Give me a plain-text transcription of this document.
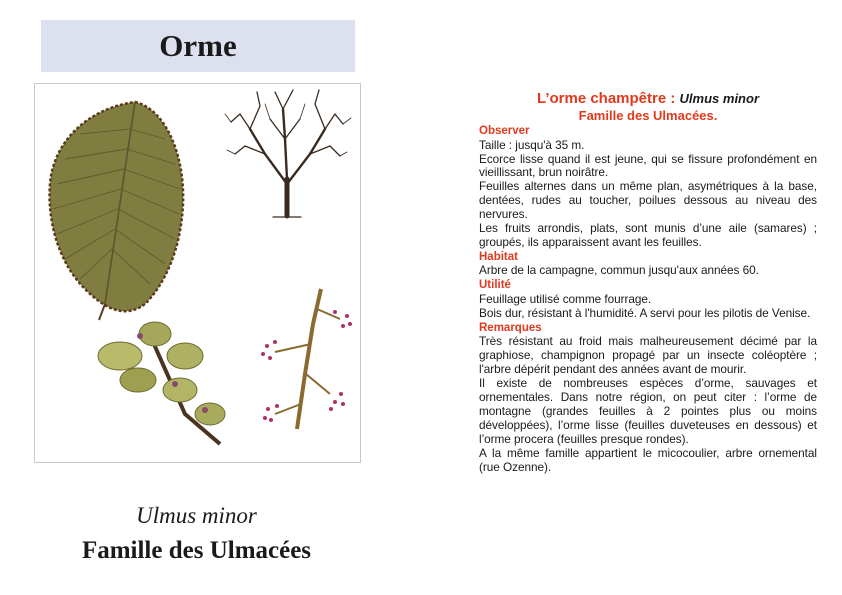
Orme
Ulmus minor
Famille des Ulmacées
L’orme champêtre : Ulmus minor
Famille des Ulmacées.
Observer

Taille : jusqu'à 35 m.

Ecorce lisse quand il est jeune, qui se fissure profondément en vieillissant, brun noirâtre.

Feuilles alternes dans un même plan, asymétriques à la base, dentées, rudes au toucher, poilues dessous au niveau des nervures.

Les fruits arrondis, plats, sont munis d’une aile (samares) ; groupés, ils apparaissent avant les feuilles.

Habitat

Arbre de la campagne, commun jusqu'aux années 60.

Utilité

Feuillage utilisé comme fourrage.

Bois dur, résistant à l'humidité. A servi pour les pilotis de Venise.

Remarques

Très résistant au froid mais malheureusement décimé par la graphiose, champignon propagé par un insecte coléoptère ; l'arbre dépérit pendant des années avant de mourir.

Il existe de nombreuses espèces d’orme, sauvages et ornementales. Dans notre région, on peut citer : l’orme de montagne (grandes feuilles à 2 pointes plus ou moins développées), l’orme lisse (feuilles duveteuses en dessous) et l’orme procera (feuilles presque rondes).

A la même famille appartient le micocoulier, arbre ornemental (rue Ozenne).
